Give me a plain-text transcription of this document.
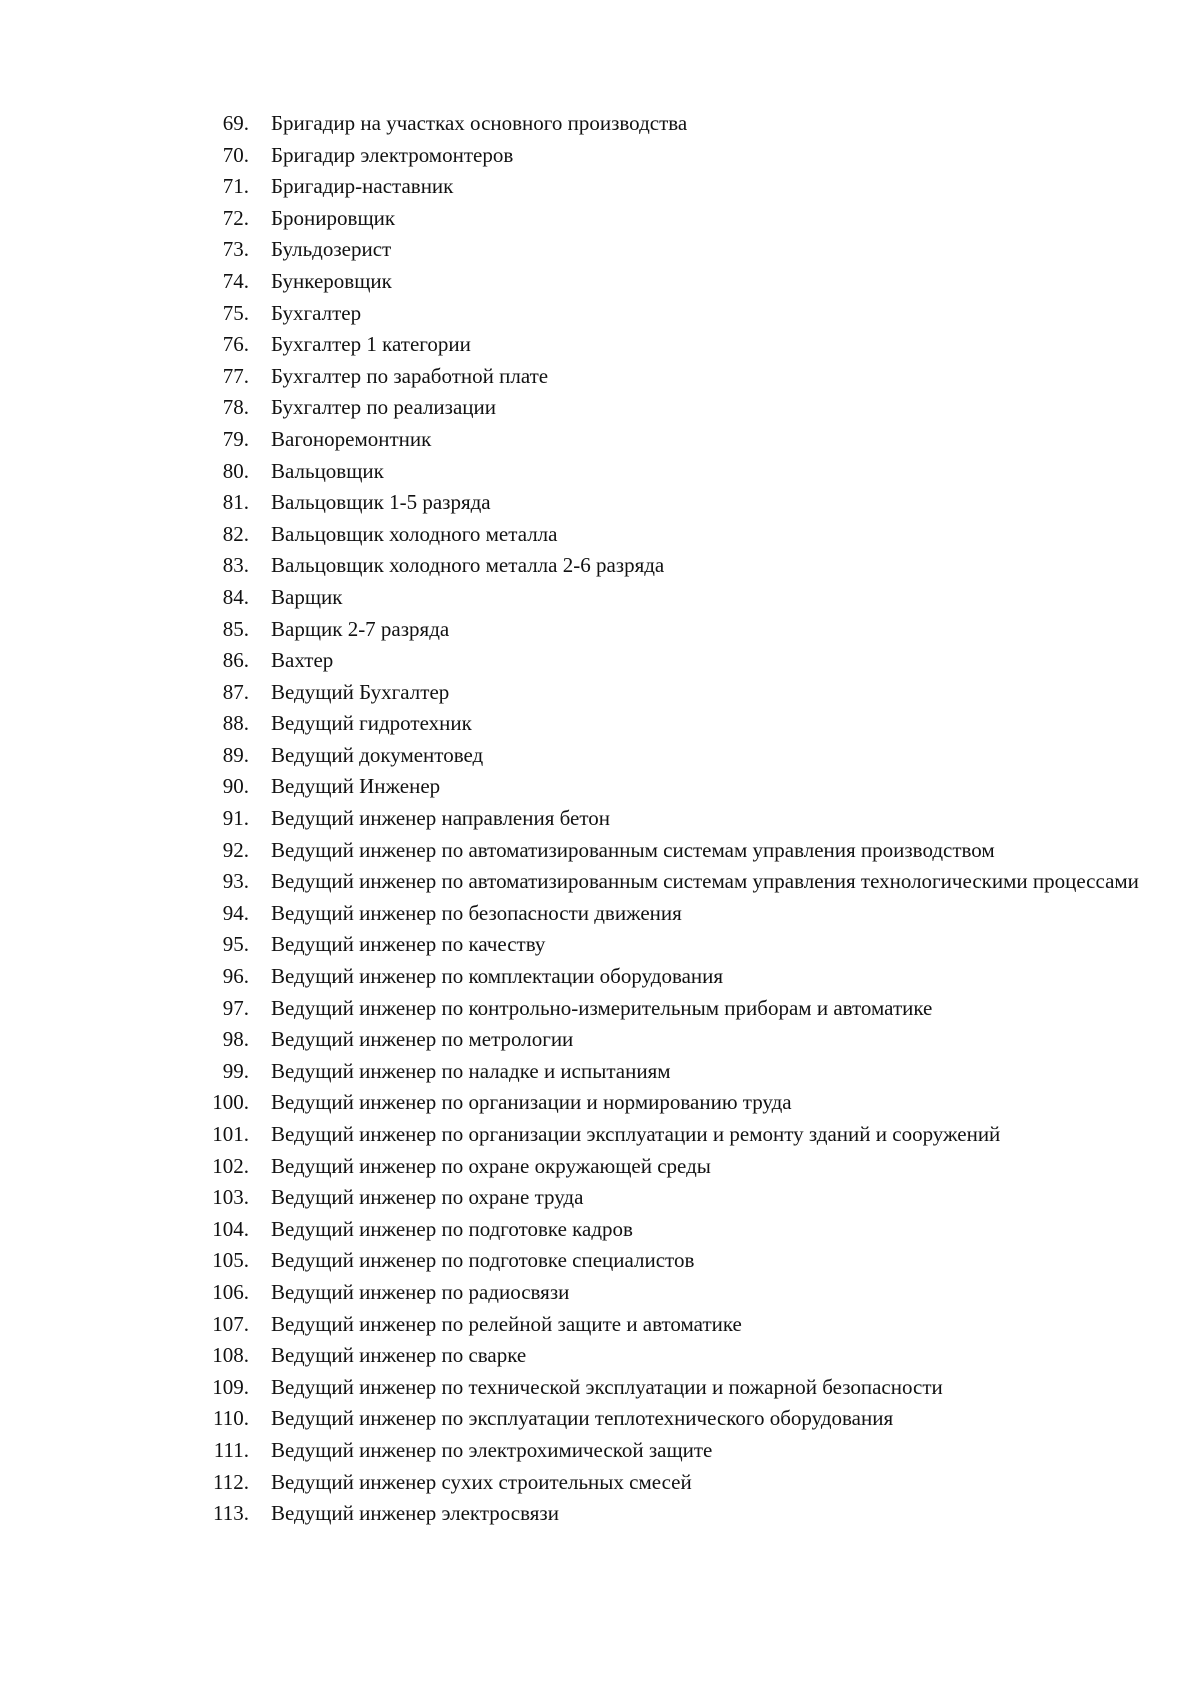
69.	Бригадир на участках основного производства
70.	Бригадир электромонтеров
71.	Бригадир-наставник
72.	Бронировщик
73.	Бульдозерист
74.	Бункеровщик
75.	Бухгалтер
76.	Бухгалтер 1 категории
77.	Бухгалтер по заработной плате
78.	Бухгалтер по реализации
79.	Вагоноремонтник
80.	Вальцовщик
81.	Вальцовщик 1-5 разряда
82.	Вальцовщик холодного металла
83.	Вальцовщик холодного металла 2-6 разряда
84.	Варщик
85.	Варщик 2-7 разряда
86.	Вахтер
87.	Ведущий Бухгалтер
88.	Ведущий гидротехник
89.	Ведущий документовед
90.	Ведущий Инженер
91.	Ведущий инженер направления бетон
92.	Ведущий инженер по автоматизированным системам управления производством
93.	Ведущий инженер по автоматизированным системам управления технологическими процессами
94.	Ведущий инженер по безопасности движения
95.	Ведущий инженер по качеству
96.	Ведущий инженер по комплектации оборудования
97.	Ведущий инженер по контрольно-измерительным приборам и автоматике
98.	Ведущий инженер по метрологии
99.	Ведущий инженер по наладке и испытаниям
100.	Ведущий инженер по организации и нормированию труда
101.	Ведущий инженер по организации эксплуатации и ремонту зданий и сооружений
102.	Ведущий инженер по охране окружающей среды
103.	Ведущий инженер по охране труда
104.	Ведущий инженер по подготовке кадров
105.	Ведущий инженер по подготовке специалистов
106.	Ведущий инженер по радиосвязи
107.	Ведущий инженер по релейной защите и автоматике
108.	Ведущий инженер по сварке
109.	Ведущий инженер по технической эксплуатации и пожарной безопасности
110.	Ведущий инженер по эксплуатации теплотехнического оборудования
111.	Ведущий инженер по электрохимической защите
112.	Ведущий инженер сухих строительных смесей
113.	Ведущий инженер электросвязи
